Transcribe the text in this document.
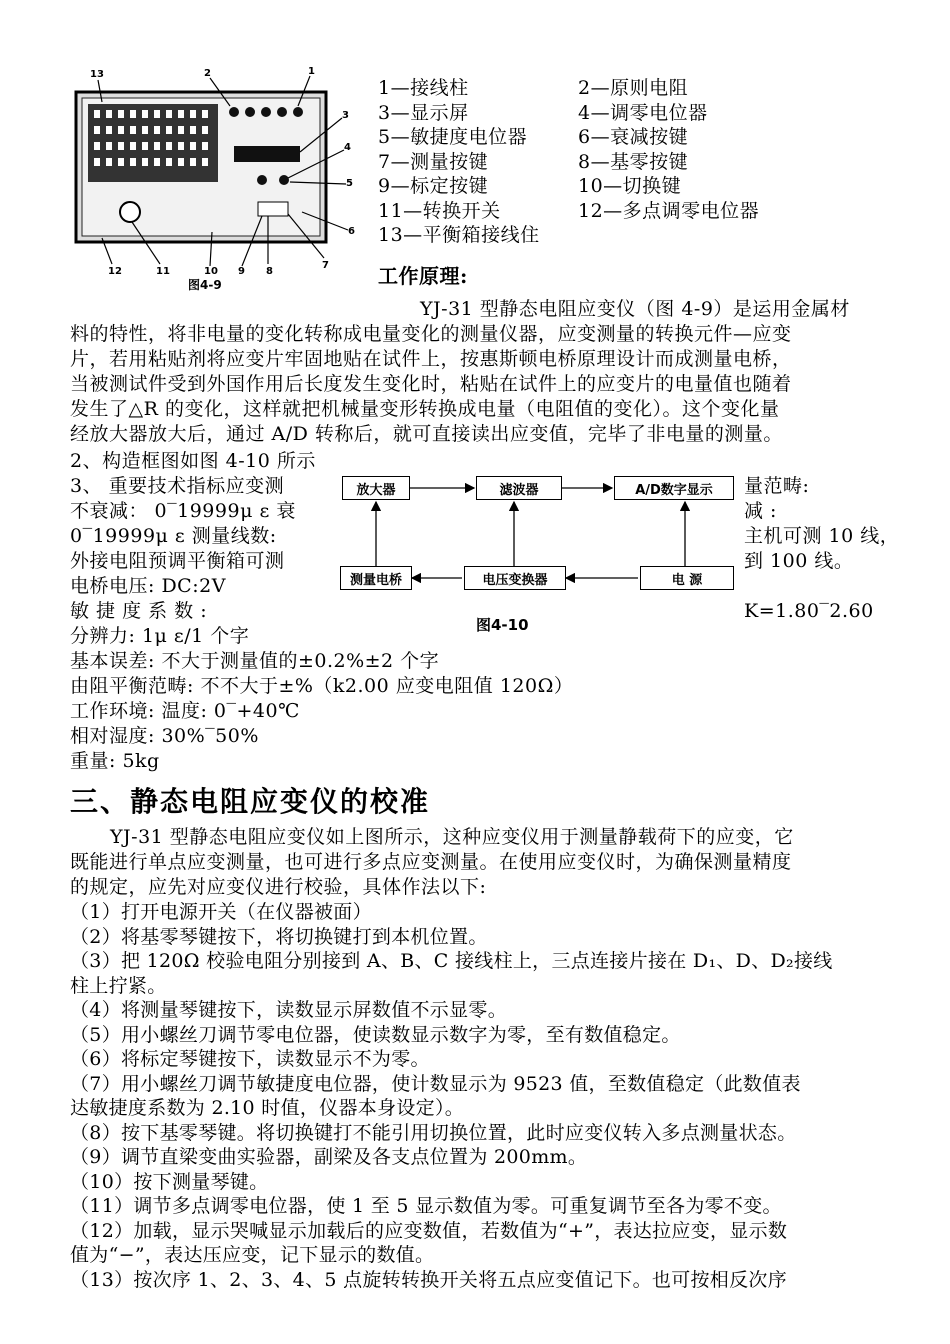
13	2	1
3
4
5
6
7
8
9
10
11
12
图4-9
1—接线柱	2—原则电阻
3—显示屏	4—调零电位器
5—敏捷度电位器	6—衰减按键
7—测量按键	8—基零按键
9—标定按键	10—切换键
11—转换开关	12—多点调零电位器
13—平衡箱接线住
工作原理:
YJ-31 型静态电阻应变仪（图 4-9）是运用金属材
料的特性，将非电量的变化转称成电量变化的测量仪器，应变测量的转换元件—应变
片，若用粘贴剂将应变片牢固地贴在试件上，按惠斯顿电桥原理设计而成测量电桥，
当被测试件受到外国作用后长度发生变化时，粘贴在试件上的应变片的电量值也随着
发生了△R 的变化，这样就把机械量变形转换成电量（电阻值的变化）。这个变化量
经放大器放大后，通过 A/D 转称后，就可直接读出应变值，完毕了非电量的测量。
2、构造框图如图 4-10 所示
3、 重要技术指标应变测
不衰减： 0‾19999μ ε 衰
0‾19999μ ε 测量线数:
外接电阻预调平衡箱可测
电桥电压: DC:2V
敏 捷 度 系 数 :
分辨力: 1μ ε/1 个字
量范畴:
减 :
主机可测 10 线，
到 100 线。
K=1.80‾2.60
放大器	滤波器	A/D数字显示
测量电桥	电压变换器	电 源
图4-10
基本误差: 不大于测量值的±0.2%±2 个字
由阻平衡范畴: 不不大于±%（k2.00 应变电阻值 120Ω）
工作环境: 温度: 0‾+40℃
相对湿度: 30%‾50%
重量: 5kg
三、静态电阻应变仪的校准
YJ-31 型静态电阻应变仪如上图所示，这种应变仪用于测量静载荷下的应变，它
既能进行单点应变测量，也可进行多点应变测量。在使用应变仪时，为确保测量精度
的规定，应先对应变仪进行校验，具体作法以下:
（1）打开电源开关（在仪器被面）
（2）将基零琴键按下，将切换键打到本机位置。
（3）把 120Ω 校验电阻分别接到 A、B、C 接线柱上，三点连接片接在 D₁、D、D₂接线
柱上拧紧。
（4）将测量琴键按下，读数显示屏数值不示显零。
（5）用小螺丝刀调节零电位器，使读数显示数字为零，至有数值稳定。
（6）将标定琴键按下，读数显示不为零。
（7）用小螺丝刀调节敏捷度电位器，使计数显示为 9523 值，至数值稳定（此数值表
达敏捷度系数为 2.10 时值，仪器本身设定）。
（8）按下基零琴键。将切换键打不能引用切换位置，此时应变仪转入多点测量状态。
（9）调节直梁变曲实验器，副梁及各支点位置为 200mm。
（10）按下测量琴键。
（11）调节多点调零电位器，使 1 至 5 显示数值为零。可重复调节至各为零不变。
（12）加载，显示哭喊显示加载后的应变数值，若数值为“+”，表达拉应变，显示数
值为“−”，表达压应变，记下显示的数值。
（13）按次序 1、2、3、4、5 点旋转转换开关将五点应变值记下。也可按相反次序
